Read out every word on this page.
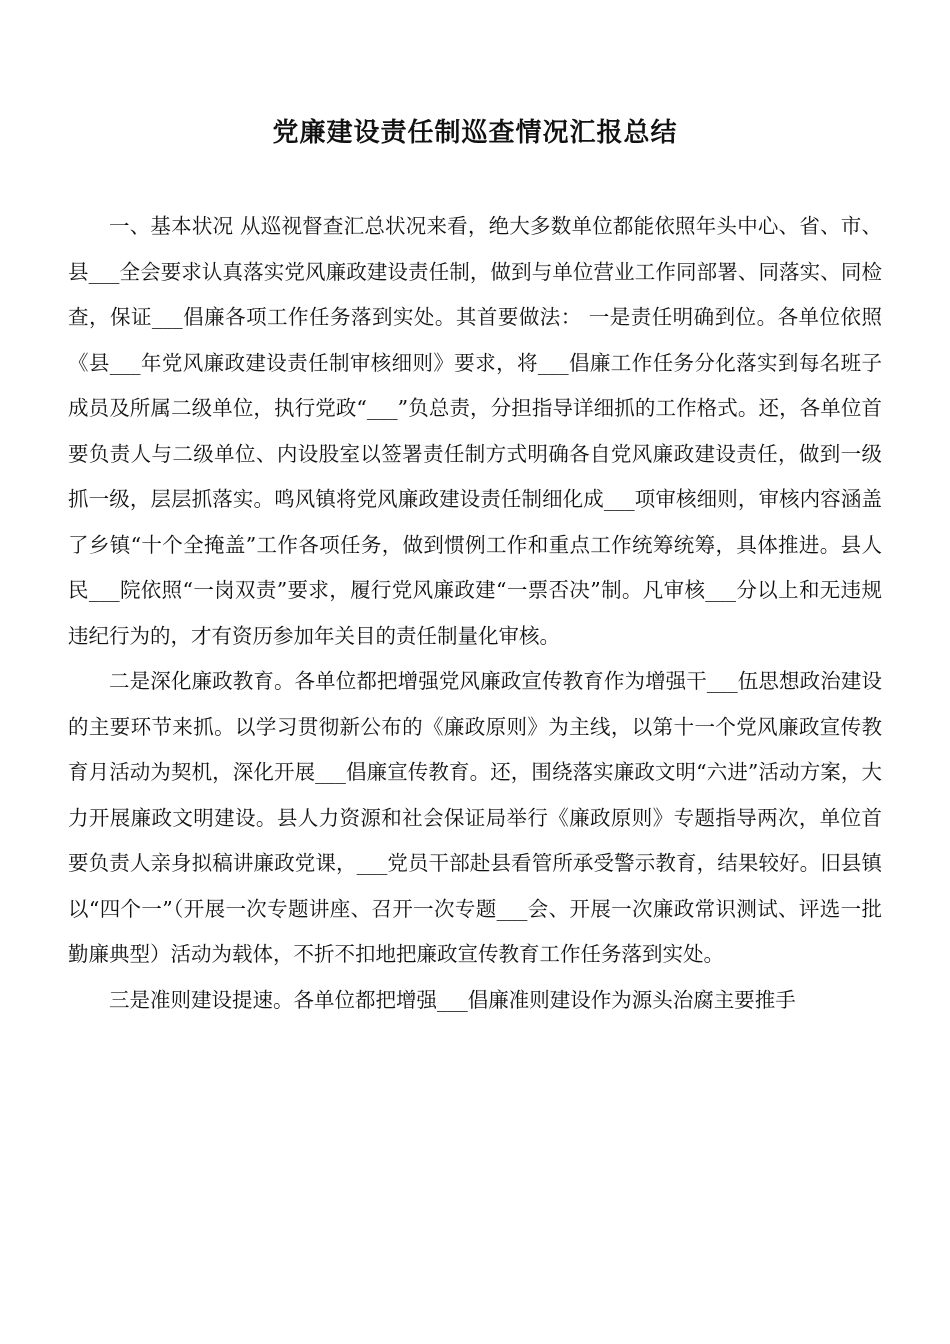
党廉建设责任制巡查情况汇报总结

一、基本状况 从巡视督查汇总状况来看，绝大多数单位都能依照年头中心、省、市、县___全会要求认真落实党风廉政建设责任制，做到与单位营业工作同部署、同落实、同检查，保证___倡廉各项工作任务落到实处。其首要做法： 一是责任明确到位。各单位依照《县___年党风廉政建设责任制审核细则》要求，将___倡廉工作任务分化落实到每名班子成员及所属二级单位，执行党政“___”负总责，分担指导详细抓的工作格式。还，各单位首要负责人与二级单位、内设股室以签署责任制方式明确各自党风廉政建设责任，做到一级抓一级，层层抓落实。鸣风镇将党风廉政建设责任制细化成___项审核细则，审核内容涵盖了乡镇“十个全掩盖”工作各项任务，做到惯例工作和重点工作统筹统筹，具体推进。县人民___院依照“一岗双责”要求，履行党风廉政建“一票否决”制。凡审核___分以上和无违规违纪行为的，才有资历参加年关目的责任制量化审核。

二是深化廉政教育。各单位都把增强党风廉政宣传教育作为增强干___伍思想政治建设的主要环节来抓。以学习贯彻新公布的《廉政原则》为主线，以第十一个党风廉政宣传教育月活动为契机，深化开展___倡廉宣传教育。还，围绕落实廉政文明“六进”活动方案，大力开展廉政文明建设。县人力资源和社会保证局举行《廉政原则》专题指导两次，单位首要负责人亲身拟稿讲廉政党课，___党员干部赴县看管所承受警示教育，结果较好。旧县镇以“四个一”（开展一次专题讲座、召开一次专题___会、开展一次廉政常识测试、评选一批勤廉典型）活动为载体，不折不扣地把廉政宣传教育工作任务落到实处。

三是准则建设提速。各单位都把增强___倡廉准则建设作为源头治腐主要推手
